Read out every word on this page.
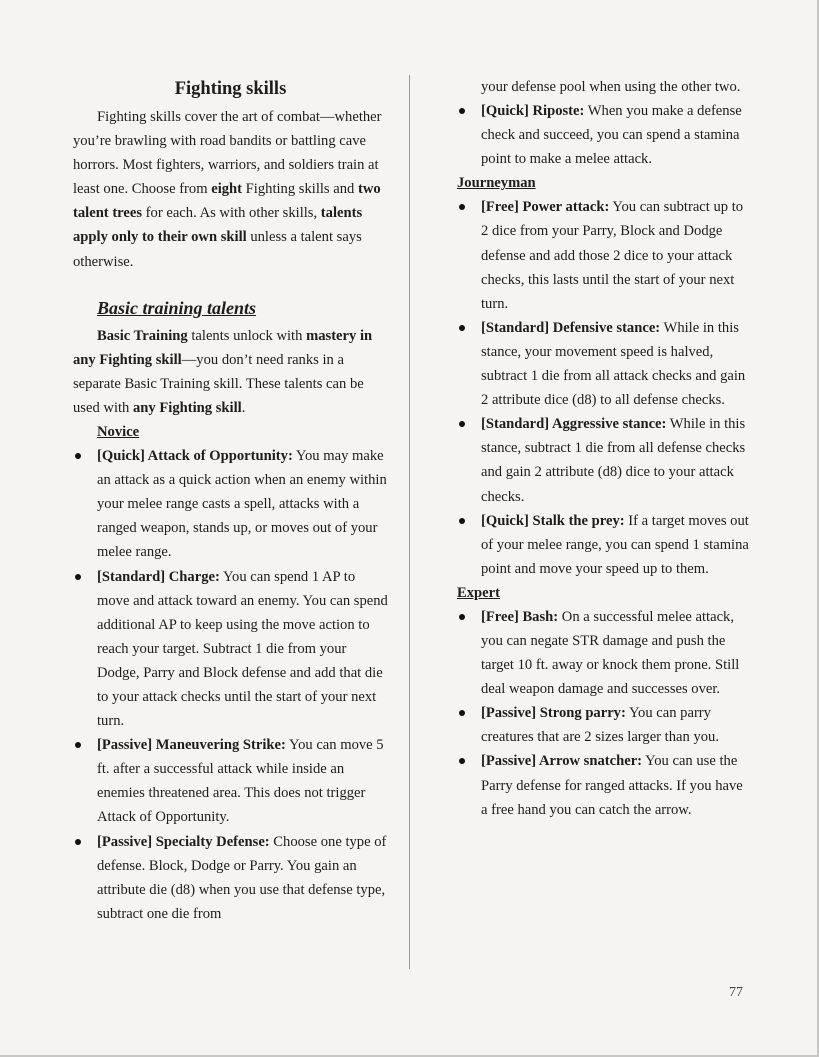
Fighting skills

Fighting skills cover the art of combat—whether you’re brawling with road bandits or battling cave horrors. Most fighters, warriors, and soldiers train at least one. Choose from eight Fighting skills and two talent trees for each. As with other skills, talents apply only to their own skill unless a talent says otherwise.

Basic training talents

Basic Training talents unlock with mastery in any Fighting skill—you don’t need ranks in a separate Basic Training skill. These talents can be used with any Fighting skill.

Novice
[Quick] Attack of Opportunity: You may make an attack as a quick action when an enemy within your melee range casts a spell, attacks with a ranged weapon, stands up, or moves out of your melee range.
[Standard] Charge: You can spend 1 AP to move and attack toward an enemy. You can spend additional AP to keep using the move action to reach your target. Subtract 1 die from your Dodge, Parry and Block defense and add that die to your attack checks until the start of your next turn.
[Passive] Maneuvering Strike: You can move 5 ft. after a successful attack while inside an enemies threatened area. This does not trigger Attack of Opportunity.
[Passive] Specialty Defense: Choose one type of defense. Block, Dodge or Parry. You gain an attribute die (d8) when you use that defense type, subtract one die from
your defense pool when using the other two.
[Quick] Riposte: When you make a defense check and succeed, you can spend a stamina point to make a melee attack.
Journeyman
[Free] Power attack: You can subtract up to 2 dice from your Parry, Block and Dodge defense and add those 2 dice to your attack checks, this lasts until the start of your next turn.
[Standard] Defensive stance: While in this stance, your movement speed is halved, subtract 1 die from all attack checks and gain 2 attribute dice (d8) to all defense checks.
[Standard] Aggressive stance: While in this stance, subtract 1 die from all defense checks and gain 2 attribute (d8) dice to your attack checks.
[Quick] Stalk the prey: If a target moves out of your melee range, you can spend 1 stamina point and move your speed up to them.
Expert
[Free] Bash: On a successful melee attack, you can negate STR damage and push the target 10 ft. away or knock them prone. Still deal weapon damage and successes over.
[Passive] Strong parry: You can parry creatures that are 2 sizes larger than you.
[Passive] Arrow snatcher: You can use the Parry defense for ranged attacks. If you have a free hand you can catch the arrow.
77
